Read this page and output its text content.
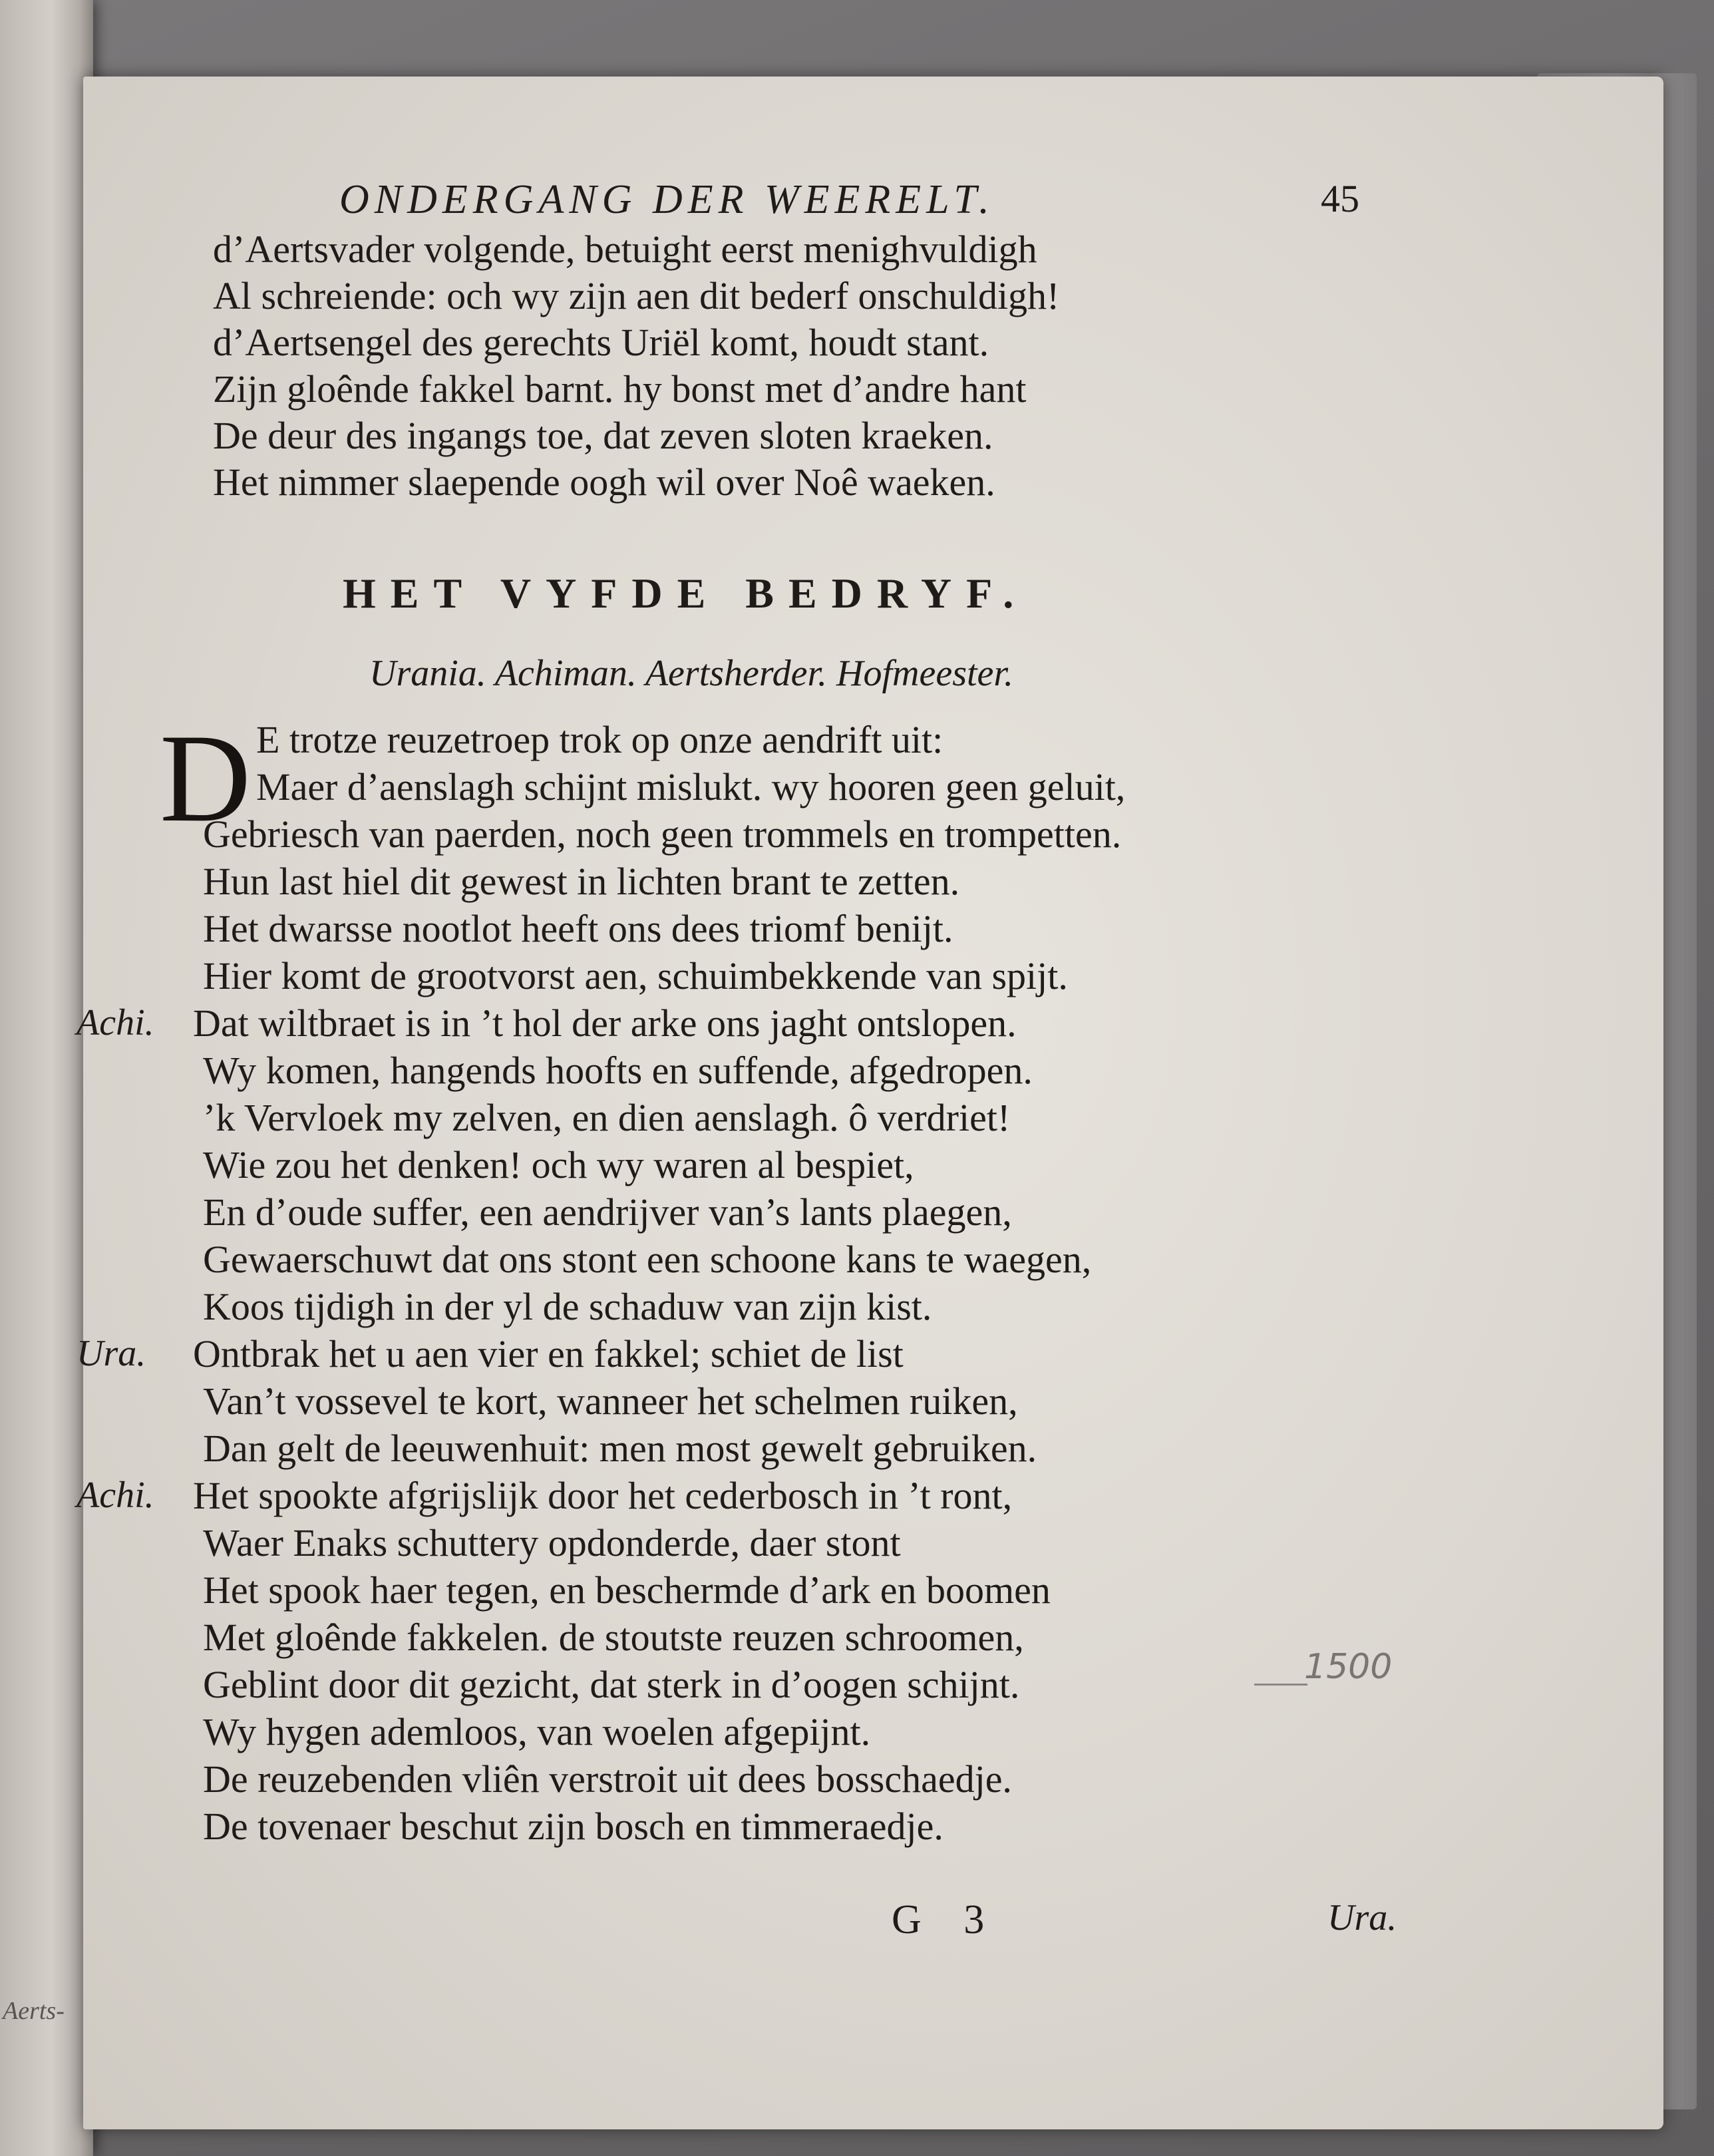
Aerts-
ONDERGANG DER WEERELT.	45
d’Aertsvader volgende, betuight eerst menighvuldigh
Al schreiende: och wy zijn aen dit bederf onschuldigh!
d’Aertsengel des gerechts Uriël komt, houdt stant.
Zijn gloênde fakkel barnt. hy bonst met d’andre hant
De deur des ingangs toe, dat zeven sloten kraeken.
Het nimmer slaepende oogh wil over Noê waeken.
HET VYFDE BEDRYF.
Urania. Achiman. Aertsherder. Hofmeester.
D E trotze reuzetroep trok op onze aendrift uit:
Maer d’aenslagh schijnt mislukt. wy hooren geen geluit,
Gebriesch van paerden, noch geen trommels en trompetten.
Hun last hiel dit gewest in lichten brant te zetten.
Het dwarsse nootlot heeft ons dees triomf benijt.
Hier komt de grootvorst aen, schuimbekkende van spijt.
Achi. Dat wiltbraet is in ’t hol der arke ons jaght ontslopen.
Wy komen, hangends hoofts en suffende, afgedropen.
’k Vervloek my zelven, en dien aenslagh. ô verdriet!
Wie zou het denken! och wy waren al bespiet,
En d’oude suffer, een aendrijver van’s lants plaegen,
Gewaerschuwt dat ons stont een schoone kans te waegen,
Koos tijdigh in der yl de schaduw van zijn kist.
Ura. Ontbrak het u aen vier en fakkel; schiet de list
Van’t vossevel te kort, wanneer het schelmen ruiken,
Dan gelt de leeuwenhuit: men most gewelt gebruiken.
Achi. Het spookte afgrijslijk door het cederbosch in ’t ront,
Waer Enaks schuttery opdonderde, daer stont
Het spook haer tegen, en beschermde d’ark en boomen
Met gloênde fakkelen. de stoutste reuzen schroomen,
Geblint door dit gezicht, dat sterk in d’oogen schijnt.
Wy hygen ademloos, van woelen afgepijnt.
De reuzebenden vliên verstroit uit dees bosschaedje.
De tovenaer beschut zijn bosch en timmeraedje.
1500
G 3	Ura.
